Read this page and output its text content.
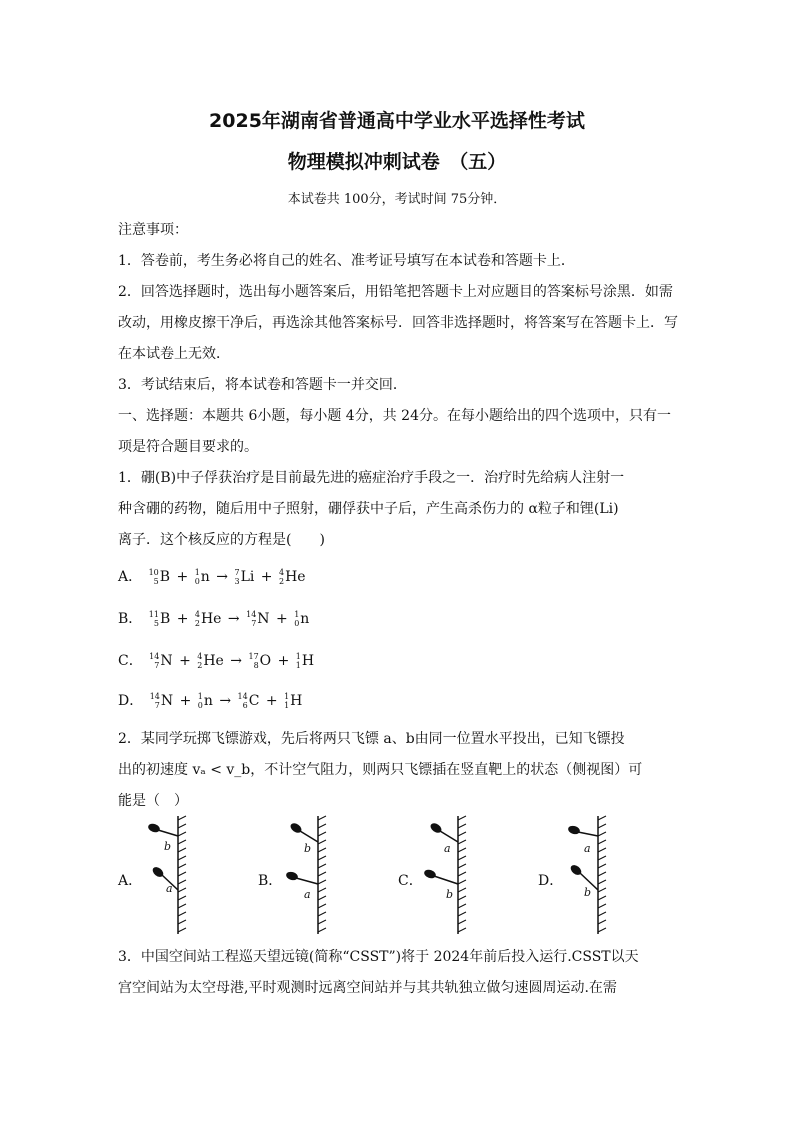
2025年湖南省普通高中学业水平选择性考试
物理模拟冲刺试卷　（五）
本试卷共 100分，考试时间 75分钟．
注意事项：
1．答卷前，考生务必将自己的姓名、准考证号填写在本试卷和答题卡上．
2．回答选择题时，选出每小题答案后，用铅笔把答题卡上对应题目的答案标号涂黑．如需
改动，用橡皮擦干净后，再选涂其他答案标号．回答非选择题时，将答案写在答题卡上．写
在本试卷上无效．
3．考试结束后，将本试卷和答题卡一并交回．
一、选择题：本题共 6小题，每小题 4分，共 24分。在每小题给出的四个选项中，只有一
项是符合题目要求的。
1．硼(B)中子俘获治疗是目前最先进的癌症治疗手段之一．治疗时先给病人注射一
种含硼的药物，随后用中子照射，硼俘获中子后，产生高杀伤力的 α粒子和锂(Li)
离子．这个核反应的方程是(　　)
A． 10
5 B + 1
0 n → 7
3 Li + 4
2 He
B． 11
5 B + 4
2 He → 14
7 N + 1
0 n
C． 14
7 N + 4
2 He → 17
8 O + 1
1 H
D． 14
7 N + 1
0 n → 14
6 C + 1
1 H
2．某同学玩掷飞镖游戏，先后将两只飞镖 a、b由同一位置水平投出，已知飞镖投
出的初速度 vₐ < v_b，不计空气阻力，则两只飞镖插在竖直靶上的状态（侧视图）可
能是（　）
A．
b
a	B．
b
a
C．
a
b
D．
a
b
3．中国空间站工程巡天望远镜(简称“CSST”)将于 2024年前后投入运行.CSST以天
宫空间站为太空母港,平时观测时远离空间站并与其共轨独立做匀速圆周运动.在需
